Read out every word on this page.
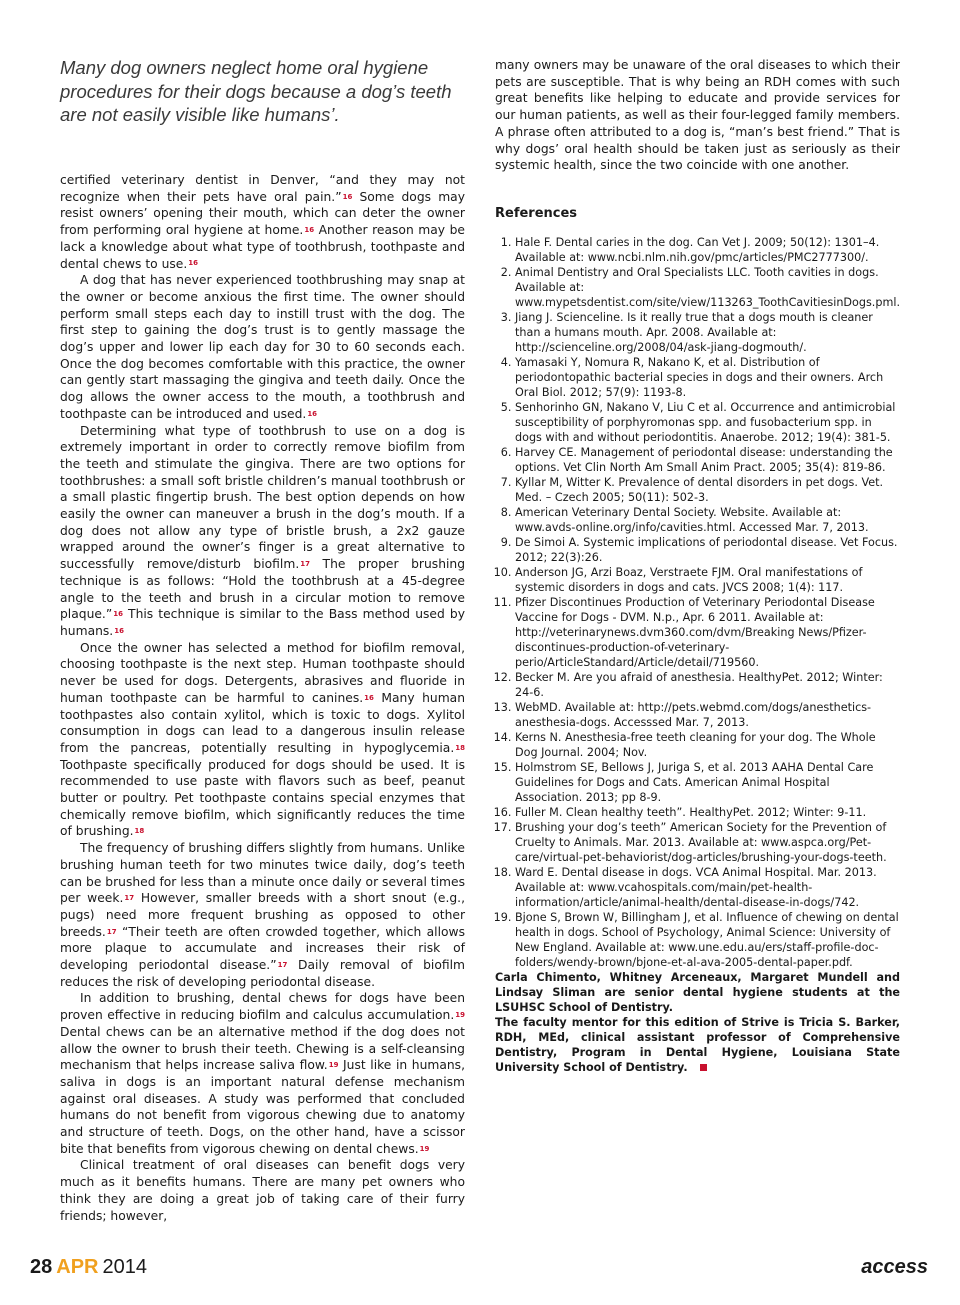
Many dog owners neglect home oral hygiene procedures for their dogs because a dog’s teeth are not easily visible like humans’.

certified veterinary dentist in Denver, “and they may not recognize when their pets have oral pain.”$^{16}$ Some dogs may resist owners’ opening their mouth, which can deter the owner from performing oral hygiene at home.$^{16}$ Another reason may be lack a knowledge about what type of toothbrush, toothpaste and dental chews to use.$^{16}$

A dog that has never experienced toothbrushing may snap at the owner or become anxious the first time. The owner should perform small steps each day to instill trust with the dog. The first step to gaining the dog’s trust is to gently massage the dog’s upper and lower lip each day for 30 to 60 seconds each. Once the dog becomes comfortable with this practice, the owner can gently start massaging the gingiva and teeth daily. Once the dog allows the owner access to the mouth, a toothbrush and toothpaste can be introduced and used.$^{16}$

Determining what type of toothbrush to use on a dog is extremely important in order to correctly remove biofilm from the teeth and stimulate the gingiva. There are two options for toothbrushes: a small soft bristle children’s manual toothbrush or a small plastic fingertip brush. The best option depends on how easily the owner can maneuver a brush in the dog’s mouth. If a dog does not allow any type of bristle brush, a 2x2 gauze wrapped around the owner’s finger is a great alternative to successfully remove/disturb biofilm.$^{17}$ The proper brushing technique is as follows: “Hold the toothbrush at a 45-degree angle to the teeth and brush in a circular motion to remove plaque.”$^{16}$ This technique is similar to the Bass method used by humans.$^{16}$

Once the owner has selected a method for biofilm removal, choosing toothpaste is the next step. Human toothpaste should never be used for dogs. Detergents, abrasives and fluoride in human toothpaste can be harmful to canines.$^{16}$ Many human toothpastes also contain xylitol, which is toxic to dogs. Xylitol consumption in dogs can lead to a dangerous insulin release from the pancreas, potentially resulting in hypoglycemia.$^{18}$ Toothpaste specifically produced for dogs should be used. It is recommended to use paste with flavors such as beef, peanut butter or poultry. Pet toothpaste contains special enzymes that chemically remove biofilm, which significantly reduces the time of brushing.$^{18}$

The frequency of brushing differs slightly from humans. Unlike brushing human teeth for two minutes twice daily, dog’s teeth can be brushed for less than a minute once daily or several times per week.$^{17}$ However, smaller breeds with a short snout (e.g., pugs) need more frequent brushing as opposed to other breeds.$^{17}$ “Their teeth are often crowded together, which allows more plaque to accumulate and increases their risk of developing periodontal disease.”$^{17}$ Daily removal of biofilm reduces the risk of developing periodontal disease.

In addition to brushing, dental chews for dogs have been proven effective in reducing biofilm and calculus accumulation.$^{19}$ Dental chews can be an alternative method if the dog does not allow the owner to brush their teeth. Chewing is a self-cleansing mechanism that helps increase saliva flow.$^{19}$ Just like in humans, saliva in dogs is an important natural defense mechanism against oral diseases. A study was performed that concluded humans do not benefit from vigorous chewing due to anatomy and structure of teeth. Dogs, on the other hand, have a scissor bite that benefits from vigorous chewing on dental chews.$^{19}$

Clinical treatment of oral diseases can benefit dogs very much as it benefits humans. There are many pet owners who think they are doing a great job of taking care of their furry friends; however,

many owners may be unaware of the oral diseases to which their pets are susceptible. That is why being an RDH comes with such great benefits like helping to educate and provide services for our human patients, as well as their four-legged family members. A phrase often attributed to a dog is, “man’s best friend.” That is why dogs’ oral health should be taken just as seriously as their systemic health, since the two coincide with one another.

References
1. Hale F. Dental caries in the dog. Can Vet J. 2009; 50(12): 1301–4. Available at: www.ncbi.nlm.nih.gov/pmc/articles/PMC2777300/.
2. Animal Dentistry and Oral Specialists LLC. Tooth cavities in dogs. Available at: www.mypetsdentist.com/site/view/113263_ToothCavitiesinDogs.pml.
3. Jiang J. Scienceline. Is it really true that a dogs mouth is cleaner than a humans mouth. Apr. 2008. Available at: http://scienceline.org/2008/04/ask-jiang-dogmouth/.
4. Yamasaki Y, Nomura R, Nakano K, et al. Distribution of periodontopathic bacterial species in dogs and their owners. Arch Oral Biol. 2012; 57(9): 1193-8.
5. Senhorinho GN, Nakano V, Liu C et al. Occurrence and antimicrobial susceptibility of porphyromonas spp. and fusobacterium spp. in dogs with and without periodontitis. Anaerobe. 2012; 19(4): 381-5.
6. Harvey CE. Management of periodontal disease: understanding the options. Vet Clin North Am Small Anim Pract. 2005; 35(4): 819-86.
7. Kyllar M, Witter K. Prevalence of dental disorders in pet dogs. Vet. Med. – Czech 2005; 50(11): 502-3.
8. American Veterinary Dental Society. Website. Available at: www.avds-online.org/info/cavities.html. Accessed Mar. 7, 2013.
9. De Simoi A. Systemic implications of periodontal disease. Vet Focus. 2012; 22(3):26.
10. Anderson JG, Arzi Boaz, Verstraete FJM. Oral manifestations of systemic disorders in dogs and cats. JVCS 2008; 1(4): 117.
11. Pfizer Discontinues Production of Veterinary Periodontal Disease Vaccine for Dogs - DVM. N.p., Apr. 6 2011. Available at: http://veterinarynews.dvm360.com/dvm/Breaking News/Pfizer-discontinues-production-of-veterinary-perio/ArticleStandard/Article/detail/719560.
12. Becker M. Are you afraid of anesthesia. HealthyPet. 2012; Winter: 24-6.
13. WebMD. Available at: http://pets.webmd.com/dogs/anesthetics-anesthesia-dogs. Accesssed Mar. 7, 2013.
14. Kerns N. Anesthesia-free teeth cleaning for your dog. The Whole Dog Journal. 2004; Nov.
15. Holmstrom SE, Bellows J, Juriga S, et al. 2013 AAHA Dental Care Guidelines for Dogs and Cats. American Animal Hospital Association. 2013; pp 8-9.
16. Fuller M. Clean healthy teeth”. HealthyPet. 2012; Winter: 9-11.
17. Brushing your dog’s teeth” American Society for the Prevention of Cruelty to Animals. Mar. 2013. Available at: www.aspca.org/Pet-care/virtual-pet-behaviorist/dog-articles/brushing-your-dogs-teeth.
18. Ward E. Dental disease in dogs. VCA Animal Hospital. Mar. 2013. Available at: www.vcahospitals.com/main/pet-health-information/article/animal-health/dental-disease-in-dogs/742.
19. Bjone S, Brown W, Billingham J, et al. Influence of chewing on dental health in dogs. School of Psychology, Animal Science: University of New England. Available at: www.une.edu.au/ers/staff-profile-doc-folders/wendy-brown/bjone-et-al-ava-2005-dental-paper.pdf.

Carla Chimento, Whitney Arceneaux, Margaret Mundell and Lindsay Sliman are senior dental hygiene students at the LSUHSC School of Dentistry.

The faculty mentor for this edition of Strive is Tricia S. Barker, RDH, MEd, clinical assistant professor of Comprehensive Dentistry, Program in Dental Hygiene, Louisiana State University School of Dentistry.

28 APR 2014	access
